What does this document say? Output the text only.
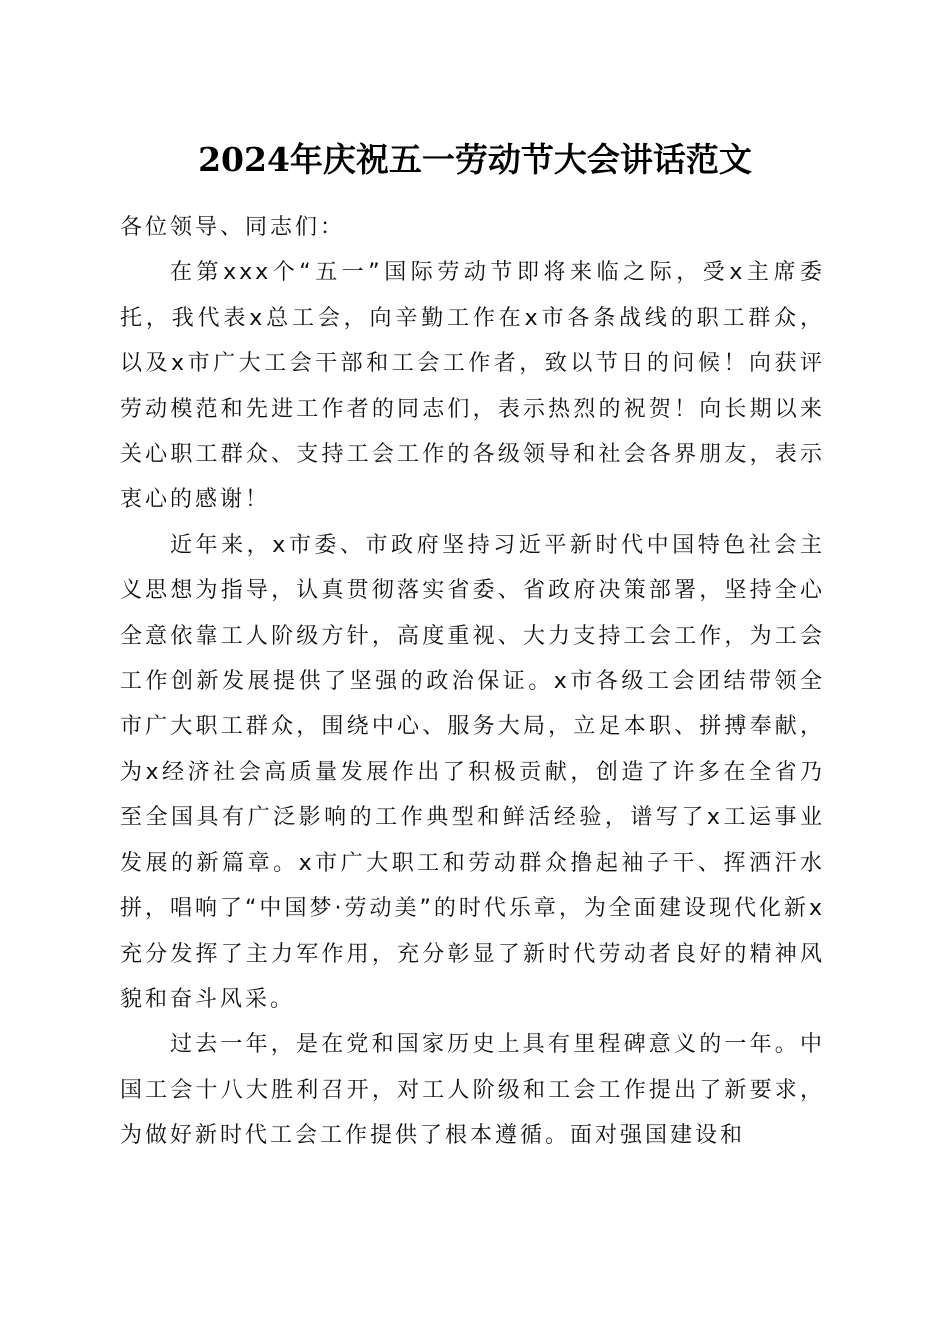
2024年庆祝五一劳动节大会讲话范文

各位领导、同志们：

在第xxx个“五一”国际劳动节即将来临之际，受x主席委托，我代表x总工会，向辛勤工作在x市各条战线的职工群众，以及x市广大工会干部和工会工作者，致以节日的问候！向获评劳动模范和先进工作者的同志们，表示热烈的祝贺！向长期以来关心职工群众、支持工会工作的各级领导和社会各界朋友，表示衷心的感谢！

近年来，x市委、市政府坚持习近平新时代中国特色社会主义思想为指导，认真贯彻落实省委、省政府决策部署，坚持全心全意依靠工人阶级方针，高度重视、大力支持工会工作，为工会工作创新发展提供了坚强的政治保证。x市各级工会团结带领全市广大职工群众，围绕中心、服务大局，立足本职、拼搏奉献，为x经济社会高质量发展作出了积极贡献，创造了许多在全省乃至全国具有广泛影响的工作典型和鲜活经验，谱写了x工运事业发展的新篇章。x市广大职工和劳动群众撸起袖子干、挥洒汗水拼，唱响了“中国梦·劳动美”的时代乐章，为全面建设现代化新x充分发挥了主力军作用，充分彰显了新时代劳动者良好的精神风貌和奋斗风采。

过去一年，是在党和国家历史上具有里程碑意义的一年。中国工会十八大胜利召开，对工人阶级和工会工作提出了新要求，为做好新时代工会工作提供了根本遵循。面对强国建设和
